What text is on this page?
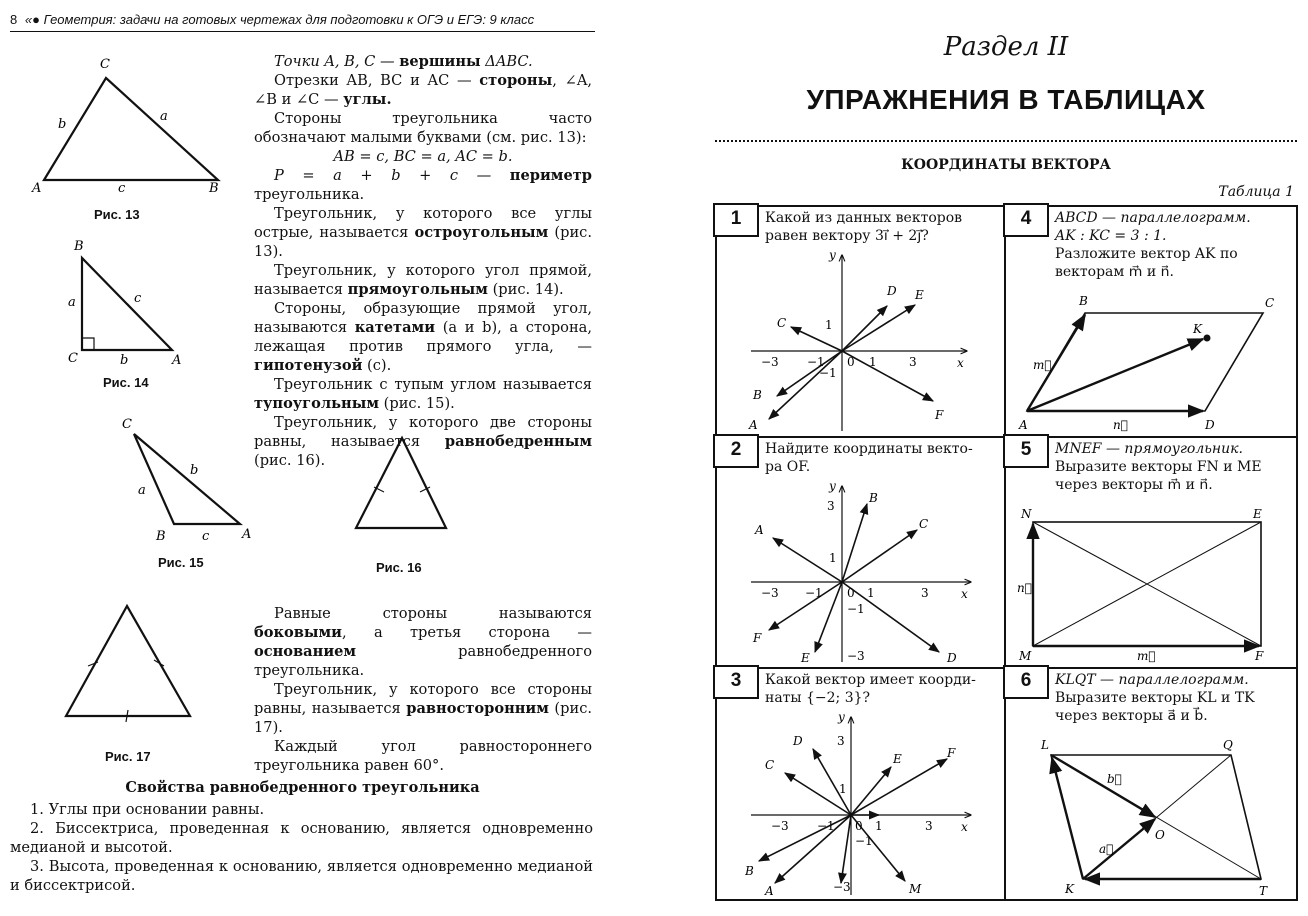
8 «● Геометрия: задачи на готовых чертежах для подготовки к ОГЭ и ЕГЭ: 9 класс
C
A	B
b
a
c
Рис. 13
B
C	A
a	c
b
Рис. 14
C
B	A
a
b
c
Рис. 15	Рис. 16
Рис. 17

Точки A, B, C — вершины ΔABC.

Отрезки AB, BC и AC — стороны, ∠A, ∠B и ∠C — углы.

Стороны треугольника часто обозначают малыми буквами (см. рис. 13):

AB = c, BC = a, AC = b.

P = a + b + c — периметр треугольника.

Треугольник, у которого все углы острые, называется остроугольным (рис. 13).

Треугольник, у которого угол прямой, называется прямоугольным (рис. 14).

Стороны, образующие прямой угол, называются катетами (a и b), а сторона, лежащая против прямого угла, — гипотенузой (c).

Треугольник с тупым углом называется тупоугольным (рис. 15).

Треугольник, у которого две стороны равны, называется равнобедренным (рис. 16).

Равные стороны называются боковыми, а третья сторона — основанием равнобедренного треугольника.

Треугольник, у которого все стороны равны, называется равносторонним (рис. 17).

Каждый угол равностороннего треугольника равен 60°.

Свойства равнобедренного треугольника

1. Углы при основании равны.

2. Биссектриса, проведенная к основанию, является одновременно медианой и высотой.

3. Высота, проведенная к основанию, является одновременно медианой и биссектрисой.

Раздел II
УПРАЖНЕНИЯ В ТАБЛИЦАХ
КООРДИНАТЫ ВЕКТОРА
Таблица 1
1	Какой из данных векторов
равен вектору 3i⃗ + 2j⃗?
y
x
1
−1
0 1	3
−3 −1
D E
C
B
A
F
4	ABCD — параллелограмм.
AK : KC = 3 : 1.
Разложите вектор AK по
векторам m⃗ и n⃗.
A
B	C
D
K
m⃗
n⃗
2	Найдите координаты векто-
ра OF.
y
x
3
1
−1
−3
0 1	3
−3 −1
B
C
A
F
E	D
5	MNEF — прямоугольник.
Выразите векторы FN и ME
через векторы m⃗ и n⃗.
N	E
M	F
n⃗
m⃗
3	Какой вектор имеет коорди-
наты {−2; 3}?
y
x
3
1
−1
−3
0 1	3
−3 −1
D
C	E	F
B
A	M
6	KLQT — параллелограмм.
Выразите векторы KL и TK
через векторы a⃗ и b⃗.
L	Q
K	T
O
b⃗
a⃗
